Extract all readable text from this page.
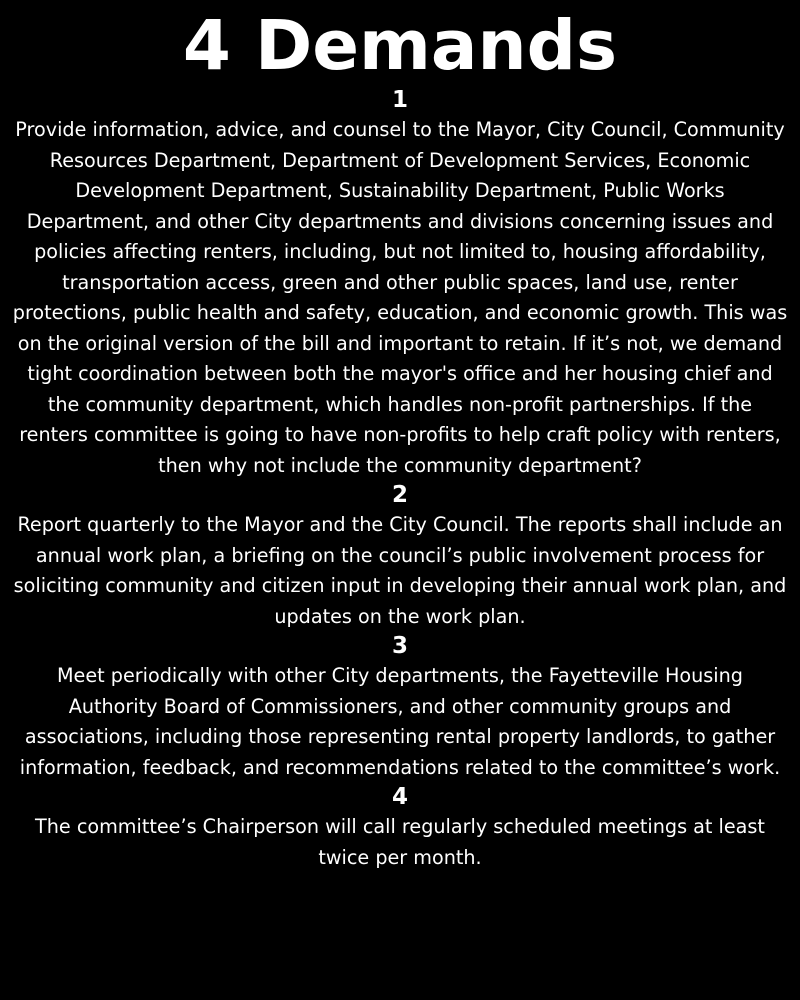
4 Demands
1

Provide information, advice, and counsel to the Mayor, City Council, Community Resources Department, Department of Development Services, Economic Development Department, Sustainability Department, Public Works Department, and other City departments and divisions concerning issues and policies affecting renters, including, but not limited to, housing affordability, transportation access, green and other public spaces, land use, renter protections, public health and safety, education, and economic growth. This was on the original version of the bill and important to retain. If it’s not, we demand tight coordination between both the mayor's office and her housing chief and the community department, which handles non-profit partnerships. If the renters committee is going to have non-profits to help craft policy with renters, then why not include the community department?

2

Report quarterly to the Mayor and the City Council. The reports shall include an annual work plan, a briefing on the council’s public involvement process for soliciting community and citizen input in developing their annual work plan, and updates on the work plan.

3

Meet periodically with other City departments, the Fayetteville Housing Authority Board of Commissioners, and other community groups and associations, including those representing rental property landlords, to gather information, feedback, and recommendations related to the committee’s work.

4

The committee’s Chairperson will call regularly scheduled meetings at least twice per month.
